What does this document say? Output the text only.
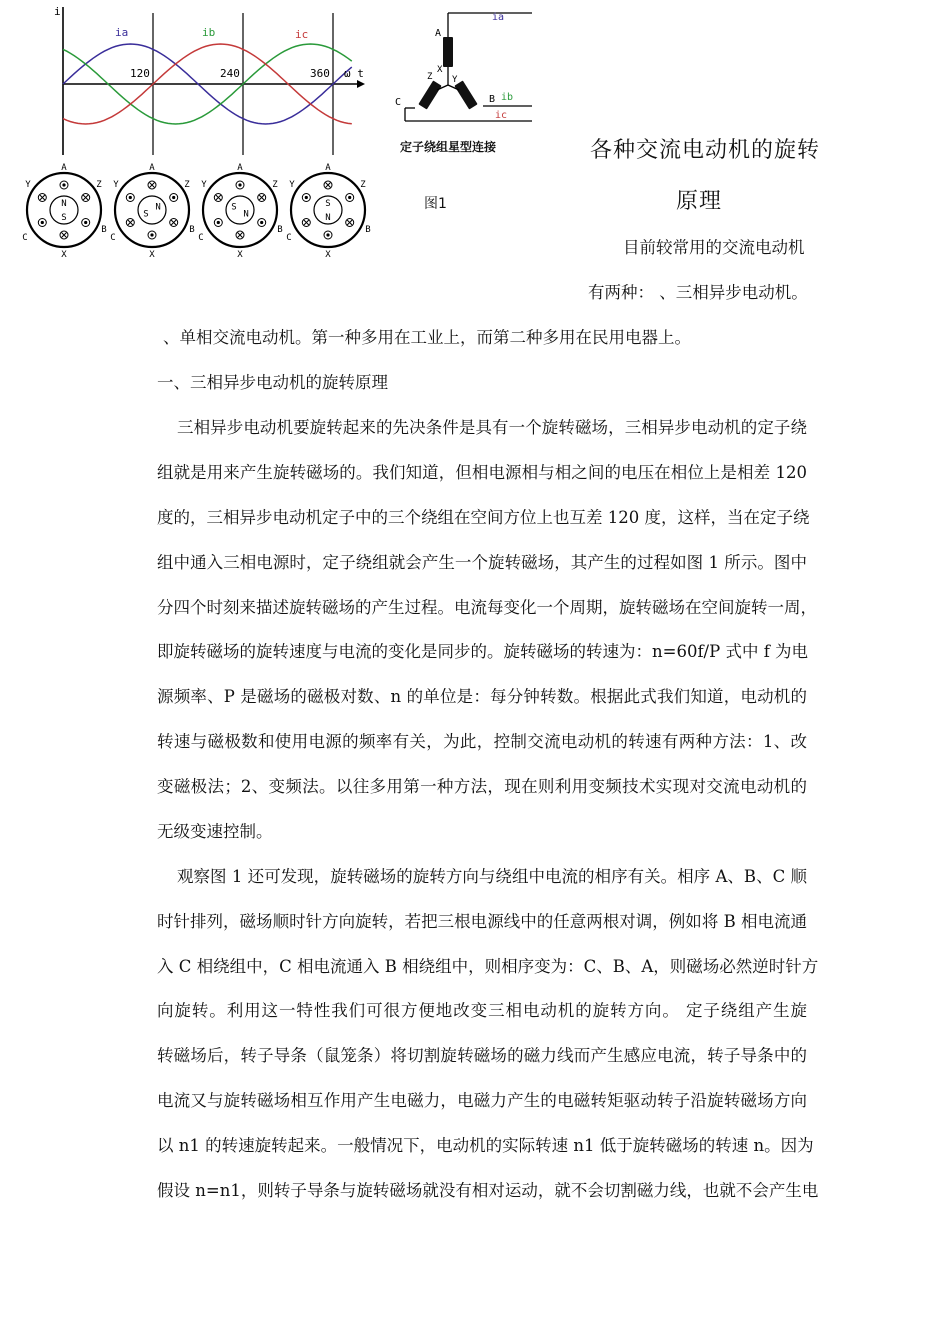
i
ω t
120	240	360
ia	ib	ic	A
B
C
X
Y
Z
ia
ib
ic
定子绕组星型连接
N
S
A
X
Y	Z
C
B
N
S
A
X
Y	Z
C
B
N
S
A
X
Y	Z
C
B
N
S
A
X
Y	Z
C
B
图1
各种交流电动机的旋转
原理
目前较常用的交流电动机
有两种： 、三相异步电动机。
、单相交流电动机。第一种多用在工业上，而第二种多用在民用电器上。
一、三相异步电动机的旋转原理
三相异步电动机要旋转起来的先决条件是具有一个旋转磁场，三相异步电动机的定子绕
组就是用来产生旋转磁场的。我们知道，但相电源相与相之间的电压在相位上是相差 120
度的，三相异步电动机定子中的三个绕组在空间方位上也互差 120 度，这样，当在定子绕
组中通入三相电源时，定子绕组就会产生一个旋转磁场，其产生的过程如图 1 所示。图中
分四个时刻来描述旋转磁场的产生过程。电流每变化一个周期，旋转磁场在空间旋转一周，
即旋转磁场的旋转速度与电流的变化是同步的。旋转磁场的转速为：n=60f/P 式中 f 为电
源频率、P 是磁场的磁极对数、n 的单位是：每分钟转数。根据此式我们知道，电动机的
转速与磁极数和使用电源的频率有关，为此，控制交流电动机的转速有两种方法：1、改
变磁极法；2、变频法。以往多用第一种方法，现在则利用变频技术实现对交流电动机的
无级变速控制。
观察图 1 还可发现，旋转磁场的旋转方向与绕组中电流的相序有关。相序 A、B、C 顺
时针排列，磁场顺时针方向旋转，若把三根电源线中的任意两根对调，例如将 B 相电流通
入 C 相绕组中，C 相电流通入 B 相绕组中，则相序变为：C、B、A，则磁场必然逆时针方
向旋转。利用这一特性我们可很方便地改变三相电动机的旋转方向。 定子绕组产生旋
转磁场后，转子导条（鼠笼条）将切割旋转磁场的磁力线而产生感应电流，转子导条中的
电流又与旋转磁场相互作用产生电磁力，电磁力产生的电磁转矩驱动转子沿旋转磁场方向
以 n1 的转速旋转起来。一般情况下，电动机的实际转速 n1 低于旋转磁场的转速 n。因为
假设 n=n1，则转子导条与旋转磁场就没有相对运动，就不会切割磁力线，也就不会产生电
